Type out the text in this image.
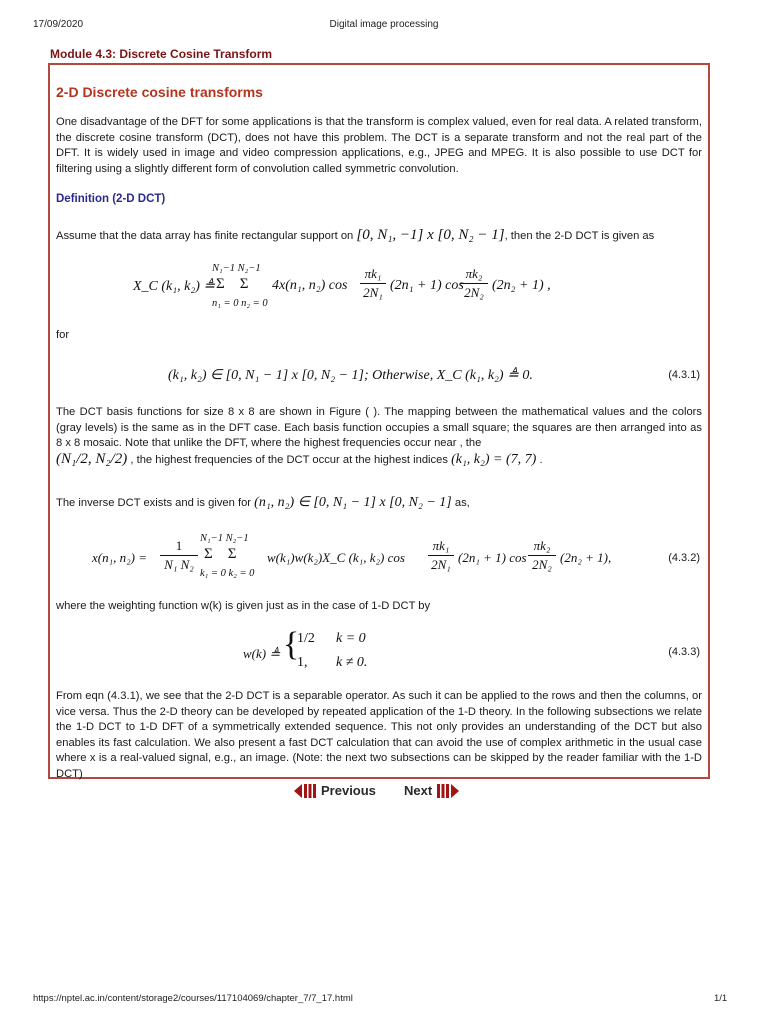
17/09/2020	Digital image processing
Module 4.3: Discrete Cosine Transform
2-D Discrete cosine transforms

One disadvantage of the DFT for some applications is that the transform is complex valued, even for real data. A related transform, the discrete cosine transform (DCT), does not have this problem. The DCT is a separate transform and not the real part of the DFT. It is widely used in image and video compression applications, e.g., JPEG and MPEG. It is also possible to use DCT for filtering using a slightly different form of convolution called symmetric convolution.

Definition (2-D DCT)
Assume that the data array has finite rectangular support on [0, N₁, −1] x [0, N₂ − 1], then the 2-D DCT is given as
X_C (k₁, k₂) ≜
N₁−1 N₂−1
Σ    Σ
n₁ = 0 n₂ = 0
4x(n₁, n₂) cos
πk₁
2N₁ (2n₁ + 1) cos
πk₂
2N₂ (2n₂ + 1) ,
for
(k₁, k₂) ∈ [0, N₁ − 1] x [0, N₂ − 1]; Otherwise, X_C (k₁, k₂) ≜ 0.	(4.3.1)

The DCT basis functions for size 8 x 8 are shown in Figure ( ). The mapping between the mathematical values and the colors (gray levels) is the same as in the DFT case. Each basis function occupies a small square; the squares are then arranged into as 8 x 8 mosaic. Note that unlike the DFT, where the highest frequencies occur near , the

(N₁/2, N₂/2) , the highest frequencies of the DCT occur at the highest indices (k₁, k₂) = (7, 7) .
The inverse DCT exists and is given for (n₁, n₂) ∈ [0, N₁ − 1] x [0, N₂ − 1] as,
x(n₁, n₂) =
1
N₁ N₂
N₁−1 N₂−1
Σ    Σ
k₁ = 0 k₂ = 0
w(k₁)w(k₂)X_C (k₁, k₂) cos
πk₁
2N₁ (2n₁ + 1) cos
πk₂
2N₂ (2n₂ + 1),	(4.3.2)
where the weighting function w(k) is given just as in the case of 1-D DCT by
w(k) ≜ {
1/2 k = 0
1, k ≠ 0.
(4.3.3)

From eqn (4.3.1), we see that the 2-D DCT is a separable operator. As such it can be applied to the rows and then the columns, or vice versa. Thus the 2-D theory can be developed by repeated application of the 1-D theory. In the following subsections we relate the 1-D DCT to 1-D DFT of a symmetrically extended sequence. This not only provides an understanding of the DCT but also enables its fast calculation. We also present a fast DCT calculation that can avoid the use of complex arithmetic in the usual case where x is a real-valued signal, e.g., an image. (Note: the next two subsections can be skipped by the reader familiar with the 1-D DCT)

Previous Next
https://nptel.ac.in/content/storage2/courses/117104069/chapter_7/7_17.html	1/1
